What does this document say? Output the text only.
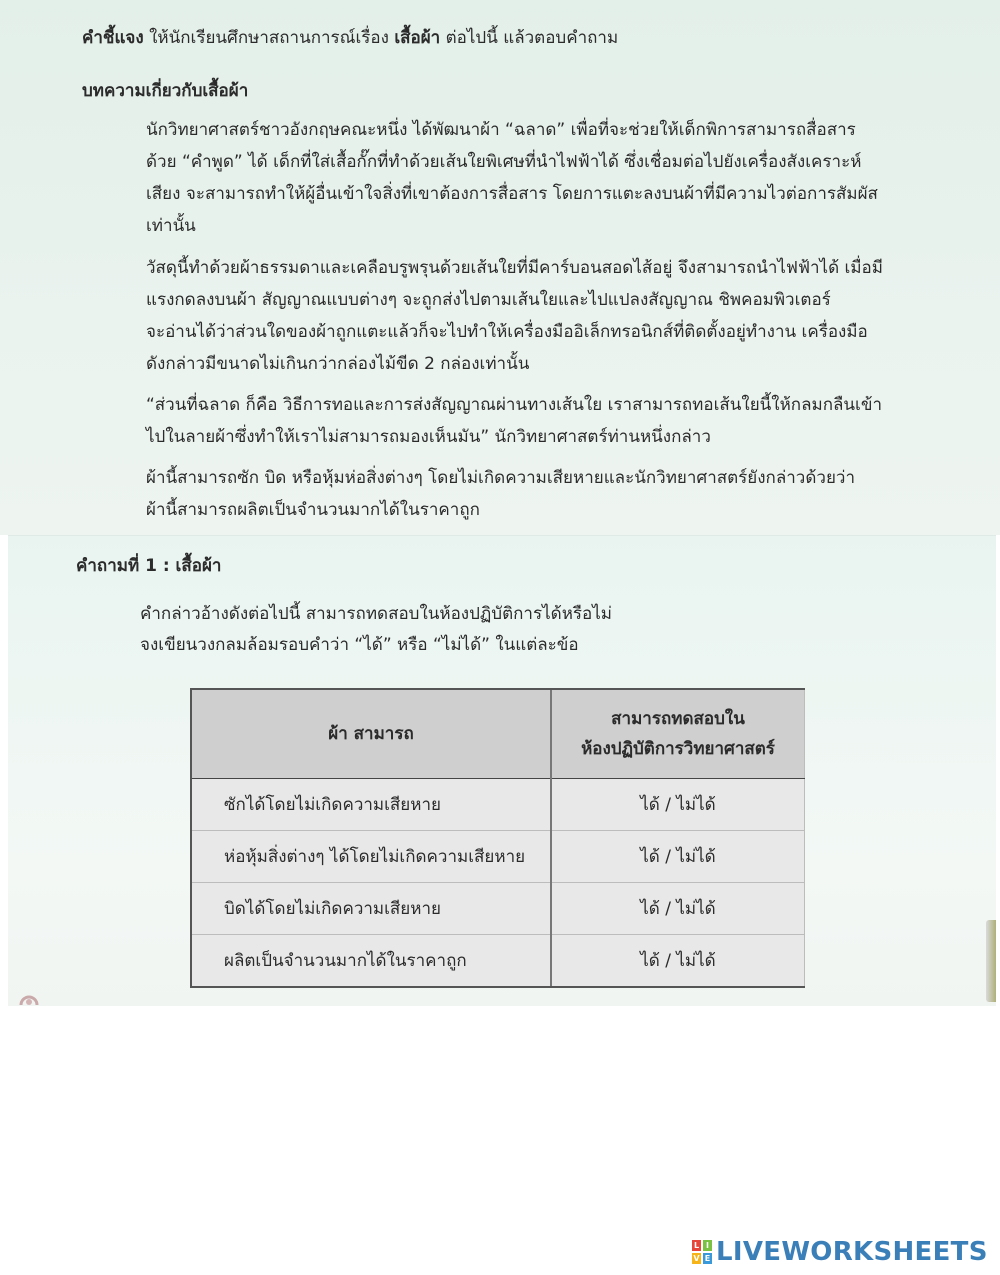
คำชี้แจง ให้นักเรียนศึกษาสถานการณ์เรื่อง เสื้อผ้า ต่อไปนี้ แล้วตอบคำถาม
บทความเกี่ยวกับเสื้อผ้า
นักวิทยาศาสตร์ชาวอังกฤษคณะหนึ่ง ได้พัฒนาผ้า “ฉลาด” เพื่อที่จะช่วยให้เด็กพิการสามารถสื่อสาร
ด้วย “คำพูด” ได้ เด็กที่ใส่เสื้อกั๊กที่ทำด้วยเส้นใยพิเศษที่นำไฟฟ้าได้ ซึ่งเชื่อมต่อไปยังเครื่องสังเคราะห์
เสียง จะสามารถทำให้ผู้อื่นเข้าใจสิ่งที่เขาต้องการสื่อสาร โดยการแตะลงบนผ้าที่มีความไวต่อการสัมผัส
เท่านั้น
วัสดุนี้ทำด้วยผ้าธรรมดาและเคลือบรูพรุนด้วยเส้นใยที่มีคาร์บอนสอดไส้อยู่ จึงสามารถนำไฟฟ้าได้ เมื่อมี
แรงกดลงบนผ้า สัญญาณแบบต่างๆ จะถูกส่งไปตามเส้นใยและไปแปลงสัญญาณ ชิพคอมพิวเตอร์
จะอ่านได้ว่าส่วนใดของผ้าถูกแตะแล้วก็จะไปทำให้เครื่องมืออิเล็กทรอนิกส์ที่ติดตั้งอยู่ทำงาน เครื่องมือ
ดังกล่าวมีขนาดไม่เกินกว่ากล่องไม้ขีด 2 กล่องเท่านั้น
“ส่วนที่ฉลาด ก็คือ วิธีการทอและการส่งสัญญาณผ่านทางเส้นใย เราสามารถทอเส้นใยนี้ให้กลมกลืนเข้า
ไปในลายผ้าซึ่งทำให้เราไม่สามารถมองเห็นมัน” นักวิทยาศาสตร์ท่านหนึ่งกล่าว
ผ้านี้สามารถซัก บิด หรือหุ้มห่อสิ่งต่างๆ โดยไม่เกิดความเสียหายและนักวิทยาศาสตร์ยังกล่าวด้วยว่า
ผ้านี้สามารถผลิตเป็นจำนวนมากได้ในราคาถูก
คำถามที่ 1 : เสื้อผ้า
คำกล่าวอ้างดังต่อไปนี้ สามารถทดสอบในห้องปฏิบัติการได้หรือไม่
จงเขียนวงกลมล้อมรอบคำว่า “ได้” หรือ “ไม่ได้” ในแต่ละข้อ
ผ้า สามารถ	สามารถทดสอบใน
ห้องปฏิบัติการวิทยาศาสตร์

ซักได้โดยไม่เกิดความเสียหาย	ได้ / ไม่ได้
ห่อหุ้มสิ่งต่างๆ ได้โดยไม่เกิดความเสียหาย	ได้ / ไม่ได้
บิดได้โดยไม่เกิดความเสียหาย	ได้ / ไม่ได้
ผลิตเป็นจำนวนมากได้ในราคาถูก	ได้ / ไม่ได้
L I
V E LIVEWORKSHEETS
